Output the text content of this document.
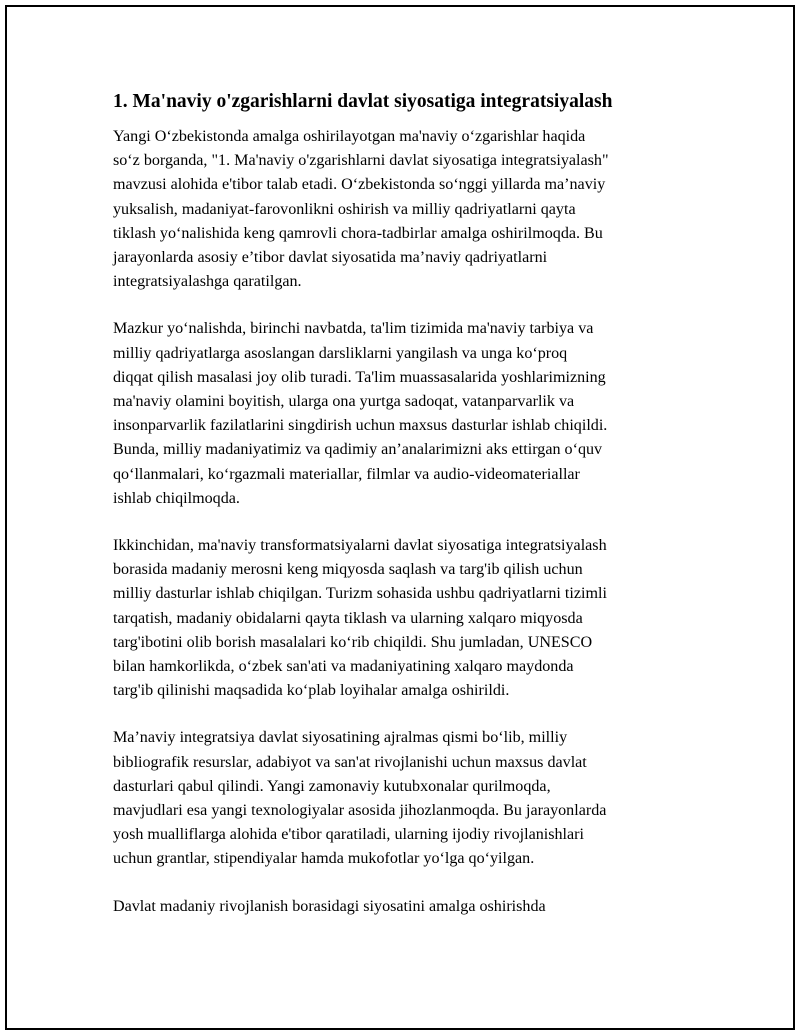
1. Ma'naviy o'zgarishlarni davlat siyosatiga integratsiyalash
Yangi O‘zbekistonda amalga oshirilayotgan ma'naviy o‘zgarishlar haqida
so‘z borganda, "1. Ma'naviy o'zgarishlarni davlat siyosatiga integratsiyalash"
mavzusi alohida e'tibor talab etadi. O‘zbekistonda so‘nggi yillarda ma’naviy
yuksalish, madaniyat-farovonlikni oshirish va milliy qadriyatlarni qayta
tiklash yo‘nalishida keng qamrovli chora-tadbirlar amalga oshirilmoqda. Bu
jarayonlarda asosiy e’tibor davlat siyosatida ma’naviy qadriyatlarni
integratsiyalashga qaratilgan.
Mazkur yo‘nalishda, birinchi navbatda, ta'lim tizimida ma'naviy tarbiya va
milliy qadriyatlarga asoslangan darsliklarni yangilash va unga ko‘proq
diqqat qilish masalasi joy olib turadi. Ta'lim muassasalarida yoshlarimizning
ma'naviy olamini boyitish, ularga ona yurtga sadoqat, vatanparvarlik va
insonparvarlik fazilatlarini singdirish uchun maxsus dasturlar ishlab chiqildi.
Bunda, milliy madaniyatimiz va qadimiy an’analarimizni aks ettirgan o‘quv
qo‘llanmalari, ko‘rgazmali materiallar, filmlar va audio-videomateriallar
ishlab chiqilmoqda.
Ikkinchidan, ma'naviy transformatsiyalarni davlat siyosatiga integratsiyalash
borasida madaniy merosni keng miqyosda saqlash va targ'ib qilish uchun
milliy dasturlar ishlab chiqilgan. Turizm sohasida ushbu qadriyatlarni tizimli
tarqatish, madaniy obidalarni qayta tiklash va ularning xalqaro miqyosda
targ'ibotini olib borish masalalari ko‘rib chiqildi. Shu jumladan, UNESCO
bilan hamkorlikda, o‘zbek san'ati va madaniyatining xalqaro maydonda
targ'ib qilinishi maqsadida ko‘plab loyihalar amalga oshirildi.
Ma’naviy integratsiya davlat siyosatining ajralmas qismi bo‘lib, milliy
bibliografik resurslar, adabiyot va san'at rivojlanishi uchun maxsus davlat
dasturlari qabul qilindi. Yangi zamonaviy kutubxonalar qurilmoqda,
mavjudlari esa yangi texnologiyalar asosida jihozlanmoqda. Bu jarayonlarda
yosh mualliflarga alohida e'tibor qaratiladi, ularning ijodiy rivojlanishlari
uchun grantlar, stipendiyalar hamda mukofotlar yo‘lga qo‘yilgan.
Davlat madaniy rivojlanish borasidagi siyosatini amalga oshirishda
